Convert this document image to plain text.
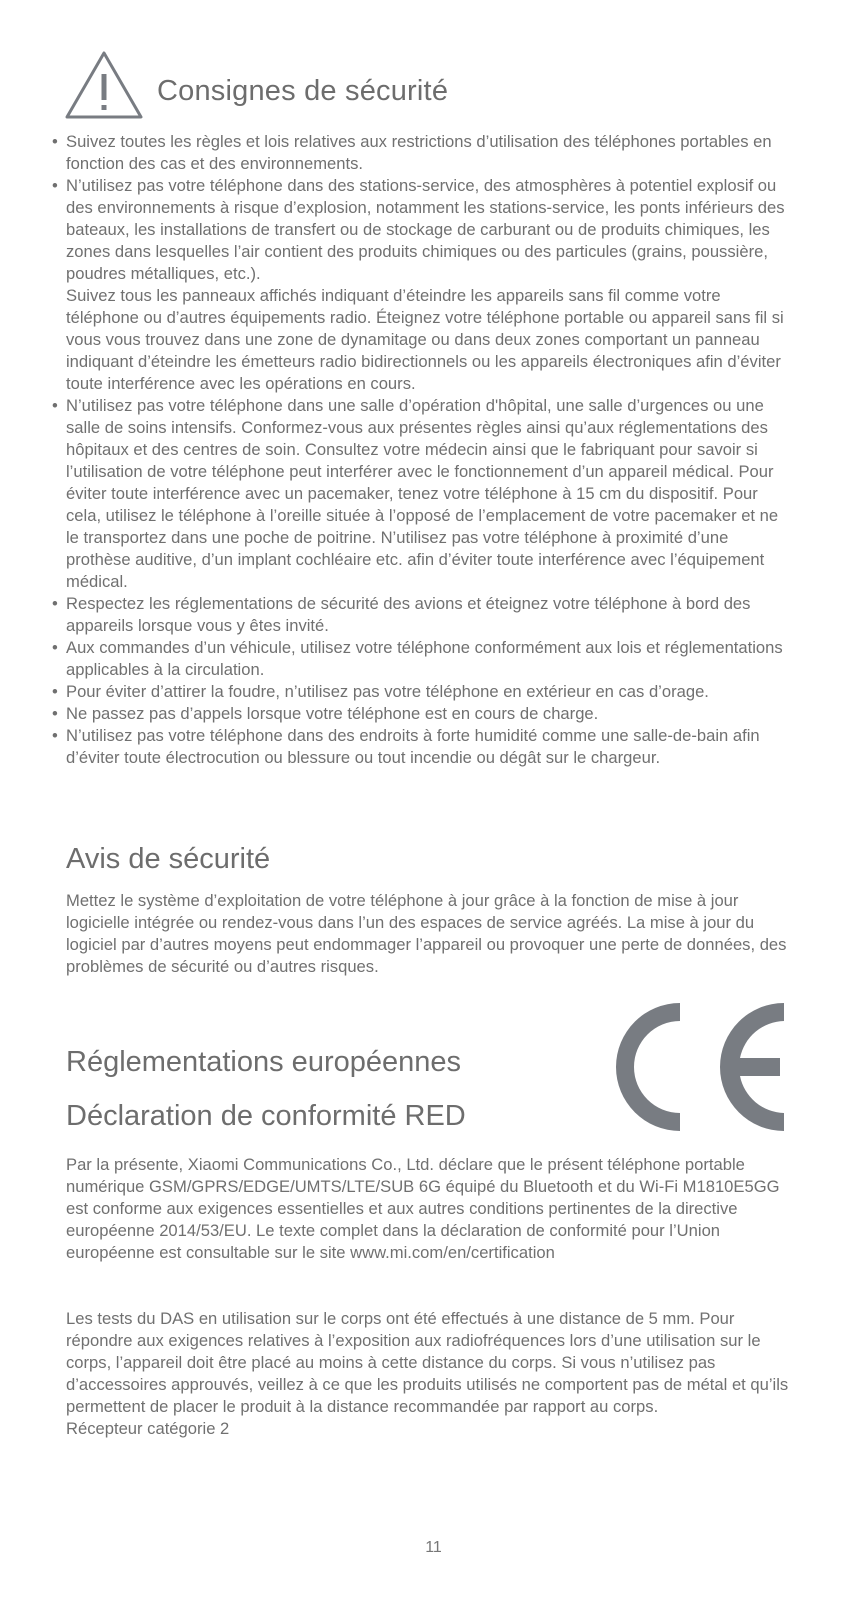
Consignes de sécurité
• Suivez toutes les règles et lois relatives aux restrictions d’utilisation des téléphones portables en fonction des cas et des environnements.

• N’utilisez pas votre téléphone dans des stations-service, des atmosphères à potentiel explosif ou des environnements à risque d’explosion, notamment les stations-service, les ponts inférieurs des bateaux, les installations de transfert ou de stockage de carburant ou de produits chimiques, les zones dans lesquelles l’air contient des produits chimiques ou des particules (grains, poussière, poudres métalliques, etc.).

Suivez tous les panneaux affichés indiquant d’éteindre les appareils sans fil comme votre téléphone ou d’autres équipements radio. Éteignez votre téléphone portable ou appareil sans fil si vous vous trouvez dans une zone de dynamitage ou dans deux zones comportant un panneau indiquant d’éteindre les émetteurs radio bidirectionnels ou les appareils électroniques afin d’éviter toute interférence avec les opérations en cours.

• N’utilisez pas votre téléphone dans une salle d’opération d'hôpital, une salle d’urgences ou une salle de soins intensifs. Conformez-vous aux présentes règles ainsi qu’aux réglementations des hôpitaux et des centres de soin. Consultez votre médecin ainsi que le fabriquant pour savoir si l’utilisation de votre téléphone peut interférer avec le fonctionnement d’un appareil médical. Pour éviter toute interférence avec un pacemaker, tenez votre téléphone à 15 cm du dispositif. Pour cela, utilisez le téléphone à l’oreille située à l’opposé de l’emplacement de votre pacemaker et ne le transportez dans une poche de poitrine. N’utilisez pas votre téléphone à proximité d’une prothèse auditive, d’un implant cochléaire etc. afin d’éviter toute interférence avec l’équipement médical.

• Respectez les réglementations de sécurité des avions et éteignez votre téléphone à bord des appareils lorsque vous y êtes invité.

• Aux commandes d’un véhicule, utilisez votre téléphone conformément aux lois et réglementations applicables à la circulation.

• Pour éviter d’attirer la foudre, n’utilisez pas votre téléphone en extérieur en cas d’orage.

• Ne passez pas d’appels lorsque votre téléphone est en cours de charge.

• N’utilisez pas votre téléphone dans des endroits à forte humidité comme une salle-de-bain afin d’éviter toute électrocution ou blessure ou tout incendie ou dégât sur le chargeur.

Avis de sécurité

Mettez le système d’exploitation de votre téléphone à jour grâce à la fonction de mise à jour logicielle intégrée ou rendez-vous dans l’un des espaces de service agréés. La mise à jour du logiciel par d’autres moyens peut endommager l’appareil ou provoquer une perte de données, des problèmes de sécurité ou d’autres risques.

Réglementations européennes
Déclaration de conformité RED

Par la présente, Xiaomi Communications Co., Ltd. déclare que le présent téléphone portable numérique GSM/GPRS/EDGE/UMTS/LTE/SUB 6G équipé du Bluetooth et du Wi-Fi M1810E5GG est conforme aux exigences essentielles et aux autres conditions pertinentes de la directive européenne 2014/53/EU. Le texte complet dans la déclaration de conformité pour l’Union européenne est consultable sur le site www.mi.com/en/certification

Les tests du DAS en utilisation sur le corps ont été effectués à une distance de 5 mm. Pour répondre aux exigences relatives à l’exposition aux radiofréquences lors d’une utilisation sur le corps, l’appareil doit être placé au moins à cette distance du corps. Si vous n’utilisez pas d’accessoires approuvés, veillez à ce que les produits utilisés ne comportent pas de métal et qu’ils permettent de placer le produit à la distance recommandée par rapport au corps.
Récepteur catégorie 2
11
